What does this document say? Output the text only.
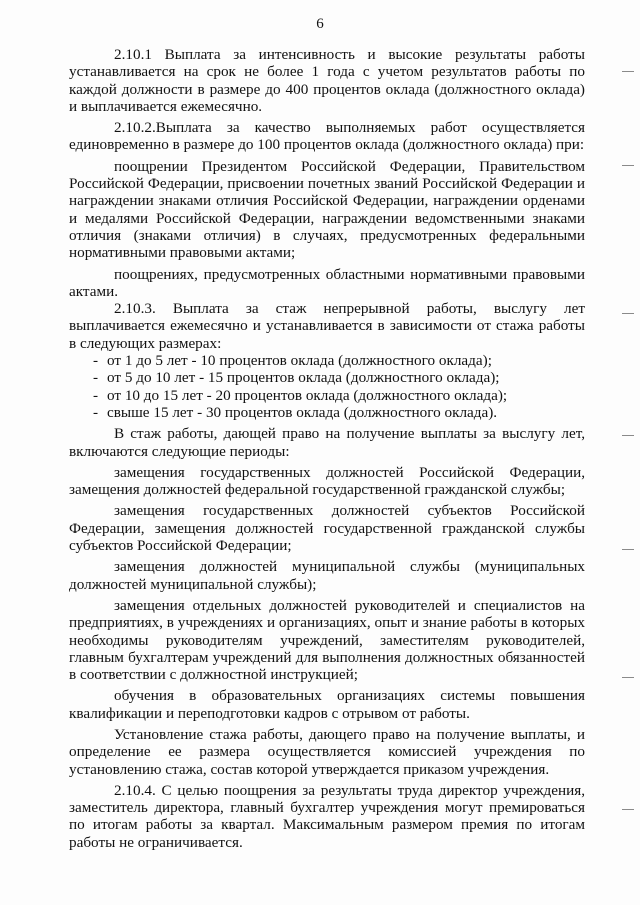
6

2.10.1 Выплата за интенсивность и высокие результаты работы устанавливается на срок не более 1 года с учетом результатов работы по каждой должности в размере до 400 процентов оклада (должностного оклада) и выплачивается ежемесячно.

2.10.2.Выплата за качество выполняемых работ осуществляется единовременно в размере до 100 процентов оклада (должностного оклада) при:

поощрении Президентом Российской Федерации, Правительством Российской Федерации, присвоении почетных званий Российской Федерации и награждении знаками отличия Российской Федерации, награждении орденами и медалями Российской Федерации, награждении ведомственными знаками отличия (знаками отличия) в случаях, предусмотренных федеральными нормативными правовыми актами;

поощрениях, предусмотренных областными нормативными правовыми актами.

2.10.3. Выплата за стаж непрерывной работы, выслугу лет выплачивается ежемесячно и устанавливается в зависимости от стажа работы в следующих размерах:

- от 1 до 5 лет - 10 процентов оклада (должностного оклада);
- от 5 до 10 лет - 15 процентов оклада (должностного оклада);
- от 10 до 15 лет - 20 процентов оклада (должностного оклада);
- свыше 15 лет - 30 процентов оклада (должностного оклада).

В стаж работы, дающей право на получение выплаты за выслугу лет, включаются следующие периоды:

замещения государственных должностей Российской Федерации, замещения должностей федеральной государственной гражданской службы;

замещения государственных должностей субъектов Российской Федерации, замещения должностей государственной гражданской службы субъектов Российской Федерации;

замещения должностей муниципальной службы (муниципальных должностей муниципальной службы);

замещения отдельных должностей руководителей и специалистов на предприятиях, в учреждениях и организациях, опыт и знание работы в которых необходимы руководителям учреждений, заместителям руководителей, главным бухгалтерам учреждений для выполнения должностных обязанностей в соответствии с должностной инструкцией;

обучения в образовательных организациях системы повышения квалификации и переподготовки кадров с отрывом от работы.

Установление стажа работы, дающего право на получение выплаты, и определение ее размера осуществляется комиссией учреждения по установлению стажа, состав которой утверждается приказом учреждения.

2.10.4. С целью поощрения за результаты труда директор учреждения, заместитель директора, главный бухгалтер учреждения могут премироваться по итогам работы за квартал. Максимальным размером премия по итогам работы не ограничивается.
